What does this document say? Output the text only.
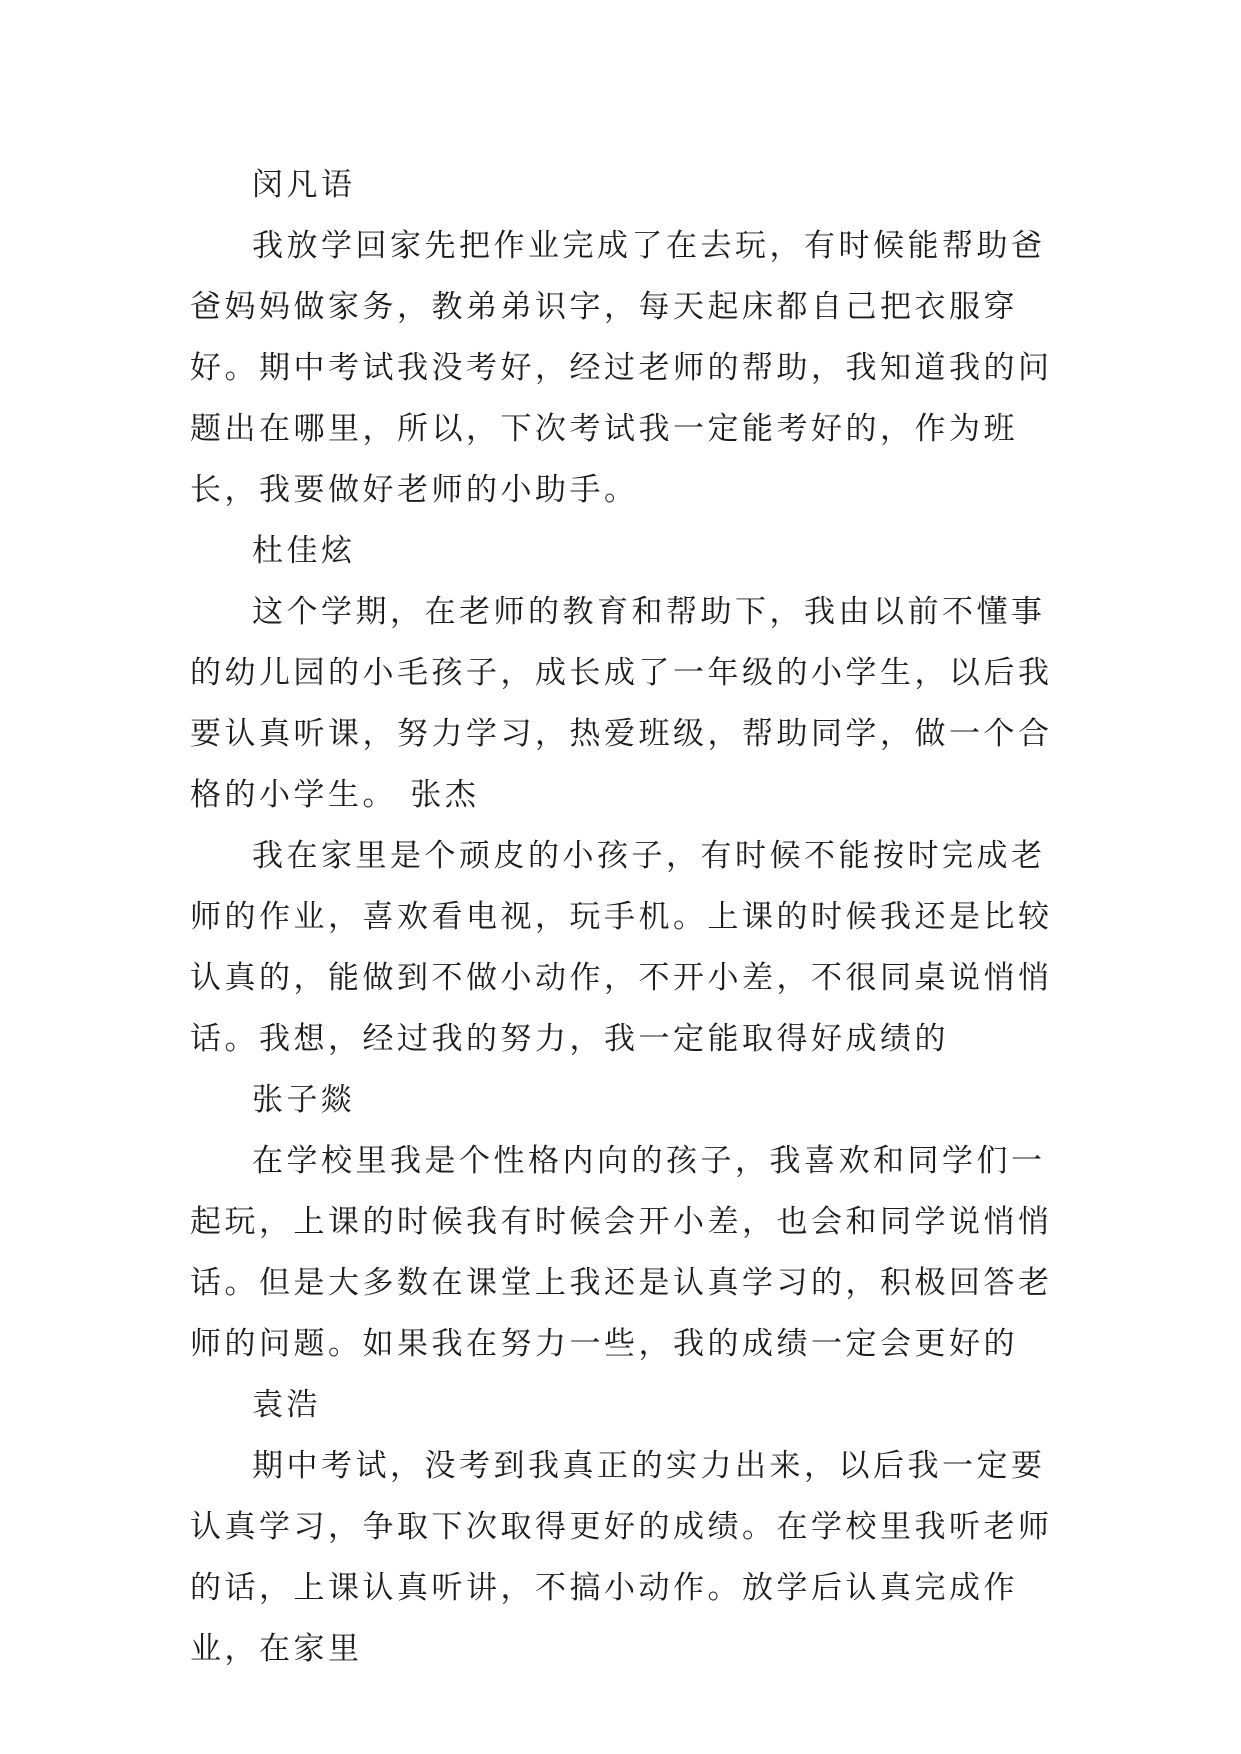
闵凡语

我放学回家先把作业完成了在去玩，有时候能帮助爸爸妈妈做家务，教弟弟识字，每天起床都自己把衣服穿好。期中考试我没考好，经过老师的帮助，我知道我的问题出在哪里，所以，下次考试我一定能考好的，作为班长，我要做好老师的小助手。

杜佳炫

这个学期，在老师的教育和帮助下，我由以前不懂事的幼儿园的小毛孩子，成长成了一年级的小学生，以后我要认真听课，努力学习，热爱班级，帮助同学，做一个合格的小学生。 张杰

我在家里是个顽皮的小孩子，有时候不能按时完成老师的作业，喜欢看电视，玩手机。上课的时候我还是比较认真的，能做到不做小动作，不开小差，不很同桌说悄悄话。我想，经过我的努力，我一定能取得好成绩的

张子燚

在学校里我是个性格内向的孩子，我喜欢和同学们一起玩，上课的时候我有时候会开小差，也会和同学说悄悄话。但是大多数在课堂上我还是认真学习的，积极回答老师的问题。如果我在努力一些，我的成绩一定会更好的

袁浩

期中考试，没考到我真正的实力出来，以后我一定要认真学习，争取下次取得更好的成绩。在学校里我听老师的话，上课认真听讲，不搞小动作。放学后认真完成作业，在家里
